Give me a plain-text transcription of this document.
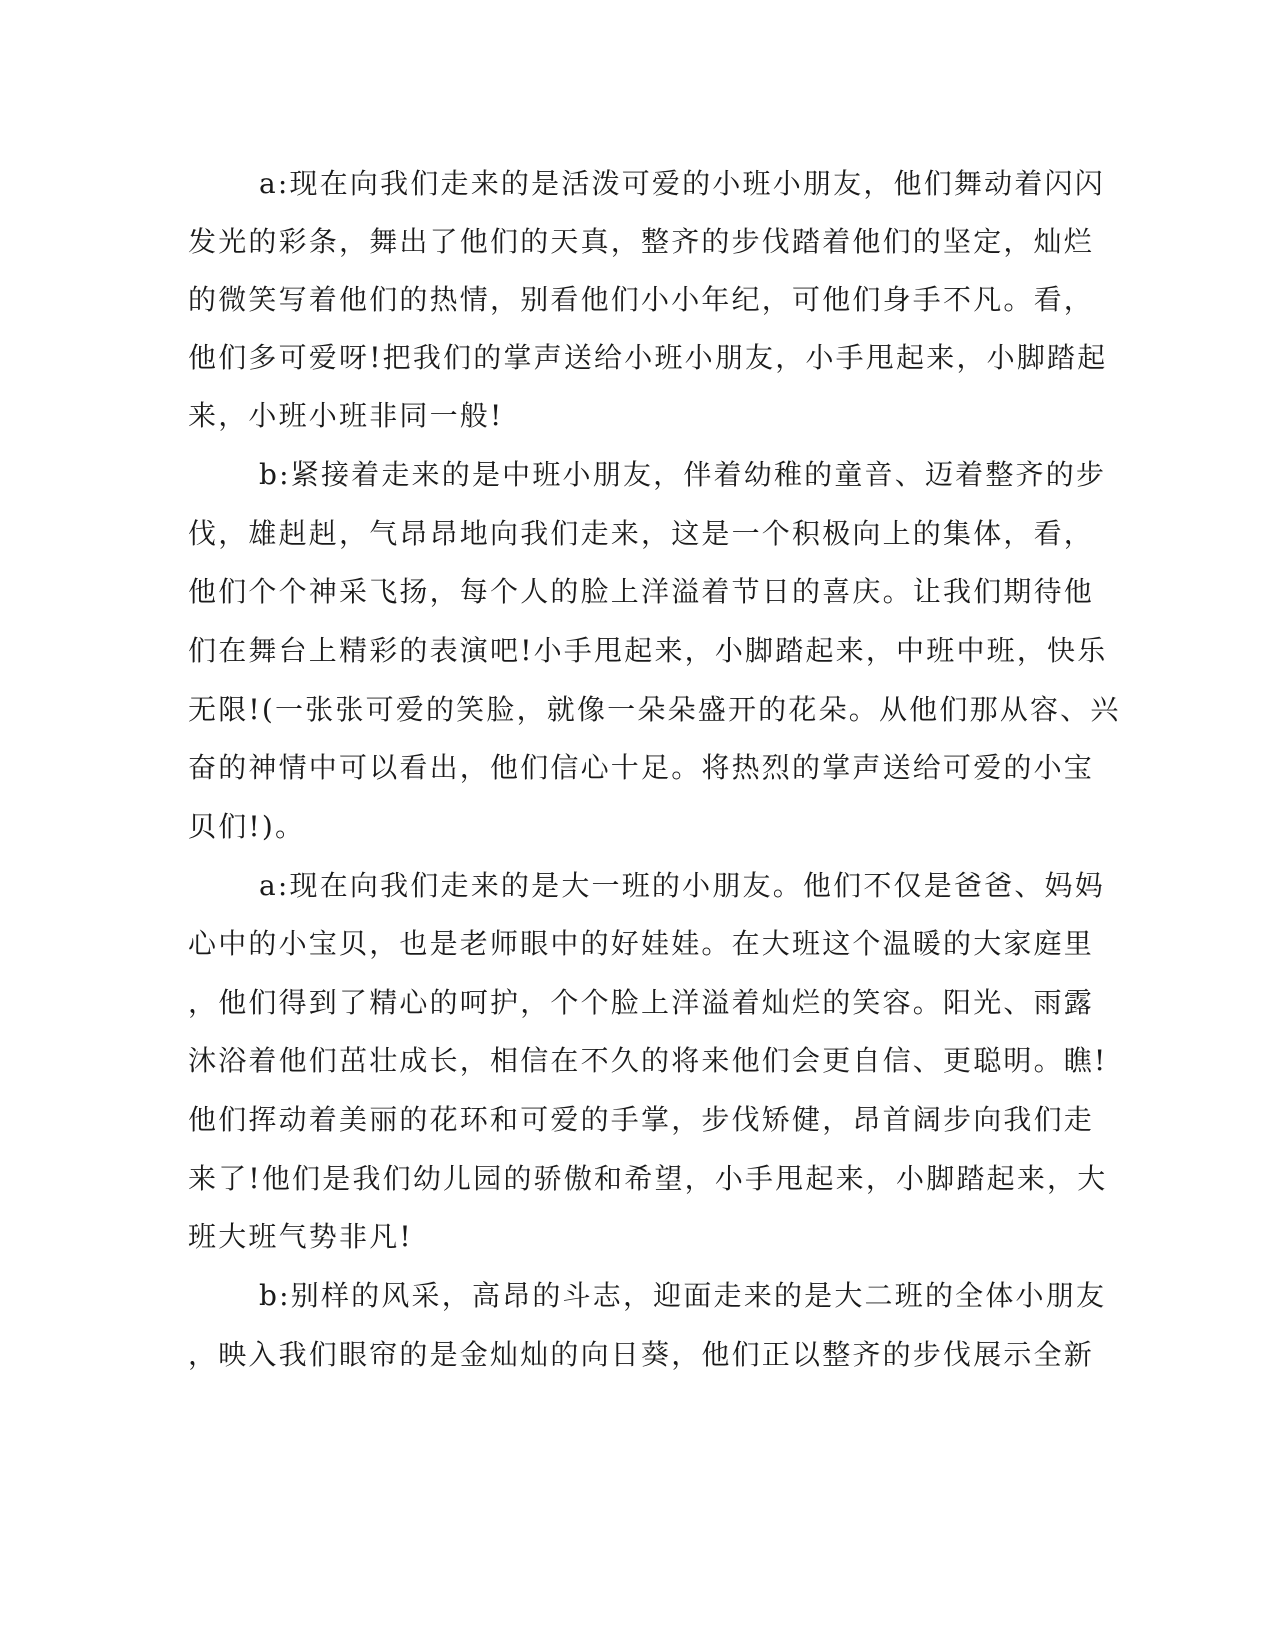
a:现在向我们走来的是活泼可爱的小班小朋友，他们舞动着闪闪
发光的彩条，舞出了他们的天真，整齐的步伐踏着他们的坚定，灿烂
的微笑写着他们的热情，别看他们小小年纪，可他们身手不凡。看，
他们多可爱呀!把我们的掌声送给小班小朋友，小手甩起来，小脚踏起
来，小班小班非同一般!
b:紧接着走来的是中班小朋友，伴着幼稚的童音、迈着整齐的步
伐，雄赳赳，气昂昂地向我们走来，这是一个积极向上的集体，看，
他们个个神采飞扬，每个人的脸上洋溢着节日的喜庆。让我们期待他
们在舞台上精彩的表演吧!小手甩起来，小脚踏起来，中班中班，快乐
无限!(一张张可爱的笑脸，就像一朵朵盛开的花朵。从他们那从容、兴
奋的神情中可以看出，他们信心十足。将热烈的掌声送给可爱的小宝
贝们!)。
a:现在向我们走来的是大一班的小朋友。他们不仅是爸爸、妈妈
心中的小宝贝，也是老师眼中的好娃娃。在大班这个温暖的大家庭里
，他们得到了精心的呵护，个个脸上洋溢着灿烂的笑容。阳光、雨露
沐浴着他们茁壮成长，相信在不久的将来他们会更自信、更聪明。瞧!
他们挥动着美丽的花环和可爱的手掌，步伐矫健，昂首阔步向我们走
来了!他们是我们幼儿园的骄傲和希望，小手甩起来，小脚踏起来，大
班大班气势非凡!
b:别样的风采，高昂的斗志，迎面走来的是大二班的全体小朋友
，映入我们眼帘的是金灿灿的向日葵，他们正以整齐的步伐展示全新
